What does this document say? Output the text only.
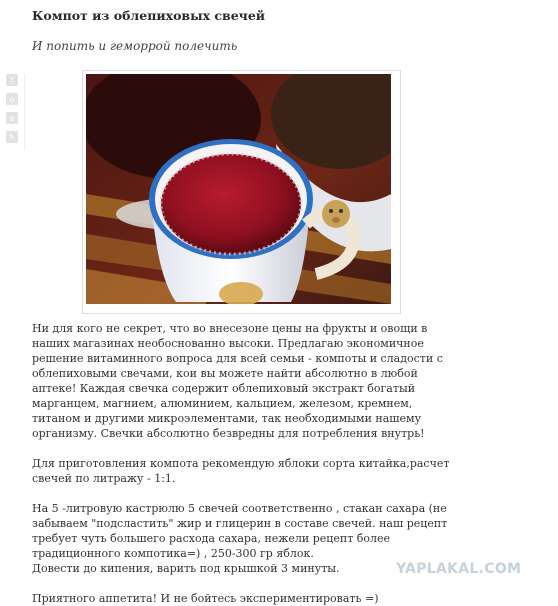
Компот из облепиховых свечей
И попить и геморрой полечить
f
о
в
✎

Ни для кого не секрет, что во внесезоне цены на фрукты и овощи в наших магазинах необоснованно высоки. Предлагаю экономичное решение витаминного вопроса для всей семьи - компоты и сладости с облепиховыми свечами, кои вы можете найти абсолютно в любой аптеке! Каждая свечка содержит облепиховый экстракт богатый марганцем, магнием, алюминием, кальцием, железом, кремнем, титаном и другими микроэлементами, так необходимыми нашему организму. Свечки абсолютно безвредны для потребления внутрь!

Для приготовления компота рекомендую яблоки сорта китайка,расчет свечей по литражу - 1:1.

На 5 -литровую кастрюлю 5 свечей соответственно , стакан сахара (не забываем "подсластить" жир и глицерин в составе свечей. наш рецепт требует чуть большего расхода сахара, нежели рецепт более традиционного компотика=) , 250-300 гр яблок.

Довести до кипения, варить под крышкой 3 минуты.

Приятного аппетита! И не бойтесь экспериментировать =)

YAPLAKAL.COM
